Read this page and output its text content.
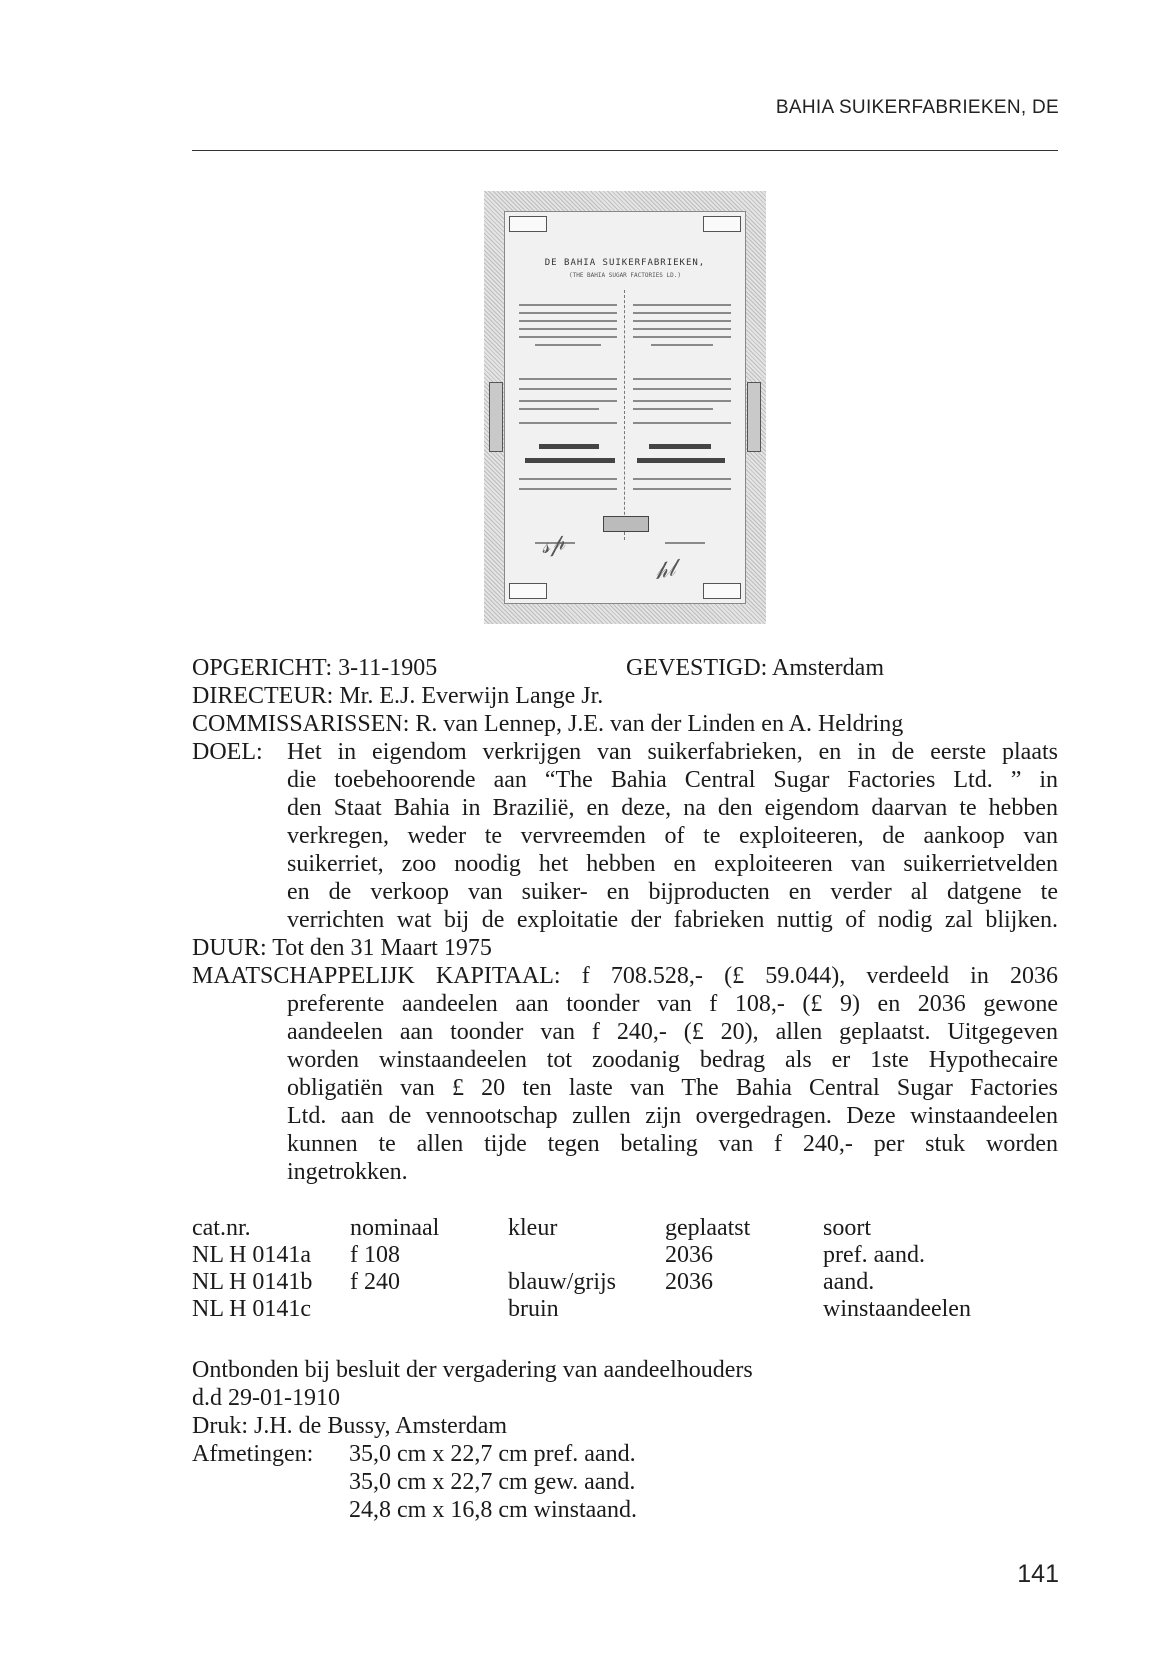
BAHIA SUIKERFABRIEKEN, DE
DE BAHIA SUIKERFABRIEKEN,
(THE BAHIA SUGAR FACTORIES LD.)
𝓈𝓅
𝒽𝓁
OPGERICHT: 3-11-1905	GEVESTIGD: Amsterdam
DIRECTEUR: Mr. E.J. Everwijn Lange Jr.
COMMISSARISSEN: R. van Lennep, J.E. van der Linden en A. Heldring
DOEL: Het in eigendom verkrijgen van suikerfabrieken, en in de eerste plaats
die toebehoorende aan “The Bahia Central Sugar Factories Ltd. ” in
den Staat Bahia in Brazilië, en deze, na den eigendom daarvan te hebben
verkregen, weder te vervreemden of te exploiteeren, de aankoop van
suikerriet, zoo noodig het hebben en exploiteeren van suikerrietvelden
en de verkoop van suiker- en bijproducten en verder al datgene te
verrichten wat bij de exploitatie der fabrieken nuttig of nodig zal blijken.
DUUR: Tot den 31 Maart 1975
MAATSCHAPPELIJK KAPITAAL: f 708.528,- (£ 59.044), verdeeld in 2036
preferente aandeelen aan toonder van f 108,- (£ 9) en 2036 gewone
aandeelen aan toonder van f 240,- (£ 20), allen geplaatst. Uitgegeven
worden winstaandeelen tot zoodanig bedrag als er 1ste Hypothecaire
obligatiën van £ 20 ten laste van The Bahia Central Sugar Factories
Ltd. aan de vennootschap zullen zijn overgedragen. Deze winstaandeelen
kunnen te allen tijde tegen betaling van f 240,- per stuk worden
ingetrokken.
cat.nr.
NL H 0141a
NL H 0141b
NL H 0141c
nominaal
f 108
f 240
kleur
blauw/grijs
bruin
geplaatst
2036
2036
soort
pref. aand.
aand.
winstaandeelen
Ontbonden bij besluit der vergadering van aandeelhouders
d.d 29-01-1910
Druk: J.H. de Bussy, Amsterdam
Afmetingen: 35,0 cm x 22,7 cm pref. aand.
35,0 cm x 22,7 cm gew. aand.
24,8 cm x 16,8 cm winstaand.
141
